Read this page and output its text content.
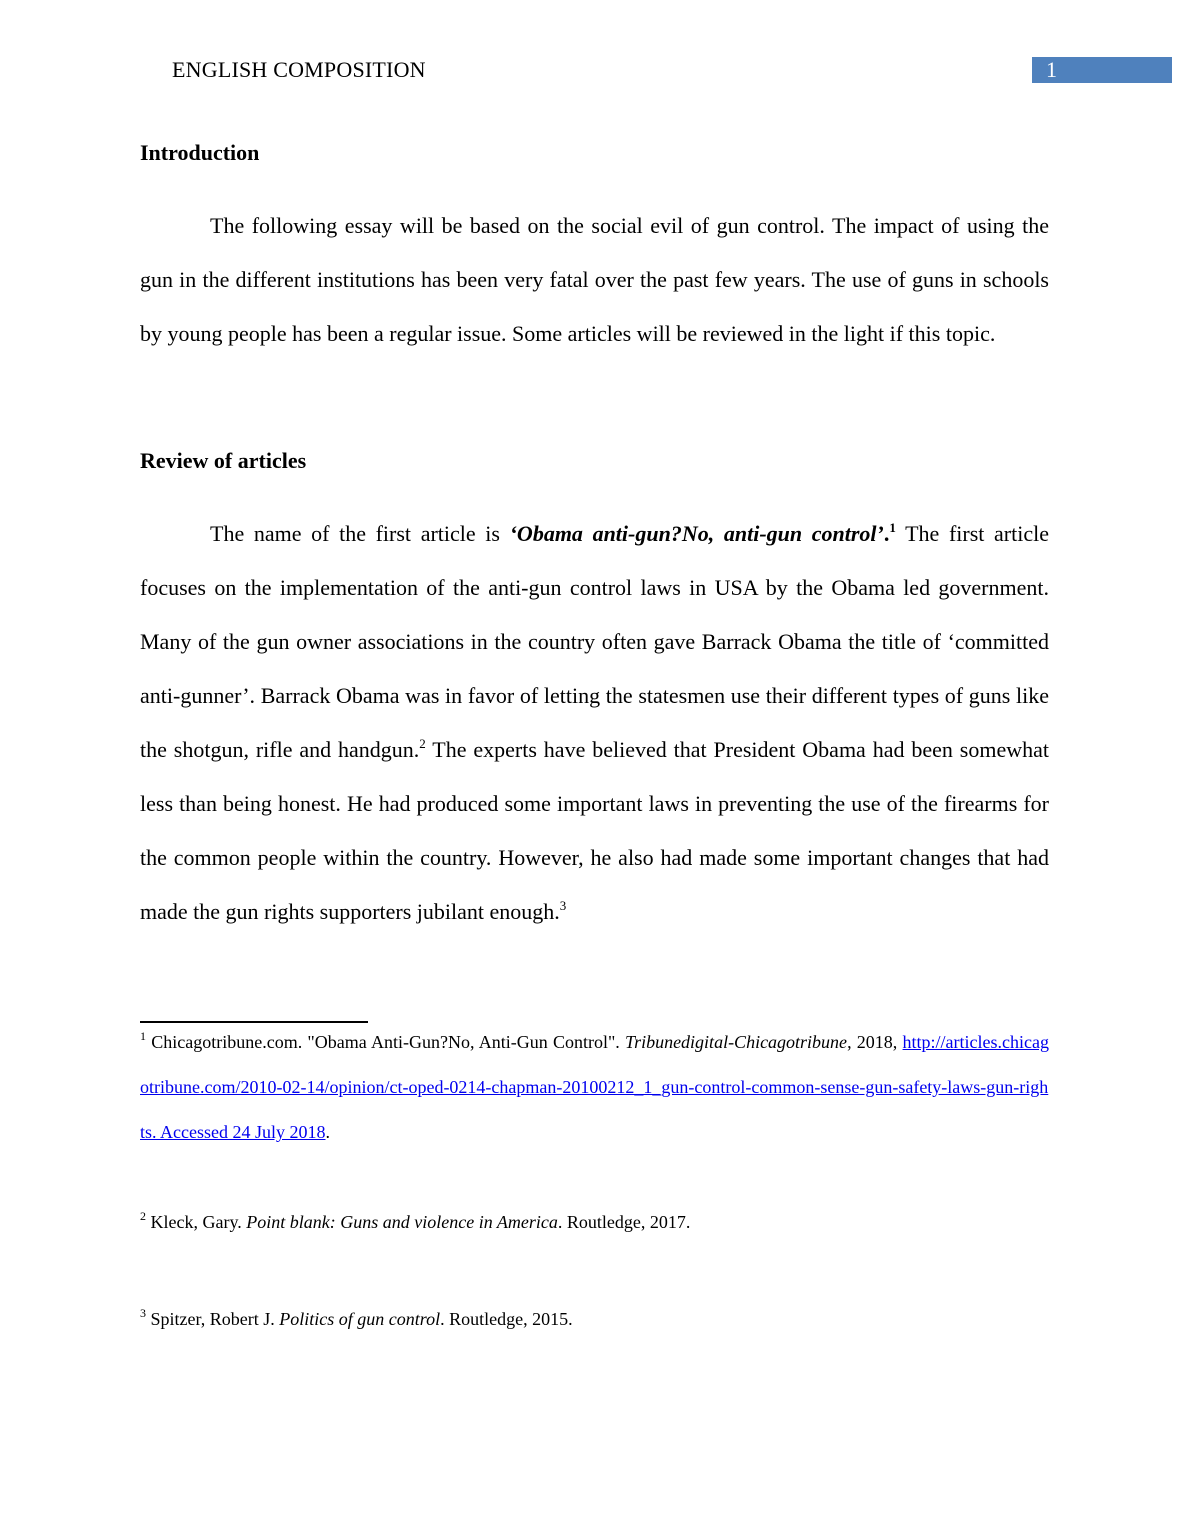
ENGLISH COMPOSITION	1
Introduction

The following essay will be based on the social evil of gun control. The impact of using the gun in the different institutions has been very fatal over the past few years. The use of guns in schools by young people has been a regular issue. Some articles will be reviewed in the light if this topic.

Review of articles

The name of the first article is ‘Obama anti-gun?No, anti-gun control’.$^1$ The first article focuses on the implementation of the anti-gun control laws in USA by the Obama led government. Many of the gun owner associations in the country often gave Barrack Obama the title of ‘committed anti-gunner’. Barrack Obama was in favor of letting the statesmen use their different types of guns like the shotgun, rifle and handgun.$^2$ The experts have believed that President Obama had been somewhat less than being honest. He had produced some important laws in preventing the use of the firearms for the common people within the country. However, he also had made some important changes that had made the gun rights supporters jubilant enough.$^3$

$^1$ Chicagotribune.com. "Obama Anti-Gun?No, Anti-Gun Control". Tribunedigital-Chicagotribune, 2018, http://articles.chicagotribune.com/2010-02-14/opinion/ct-oped-0214-chapman-20100212_1_gun-control-common-sense-gun-safety-laws-gun-rights. Accessed 24 July 2018.

$^2$ Kleck, Gary. Point blank: Guns and violence in America. Routledge, 2017.

$^3$ Spitzer, Robert J. Politics of gun control. Routledge, 2015.
